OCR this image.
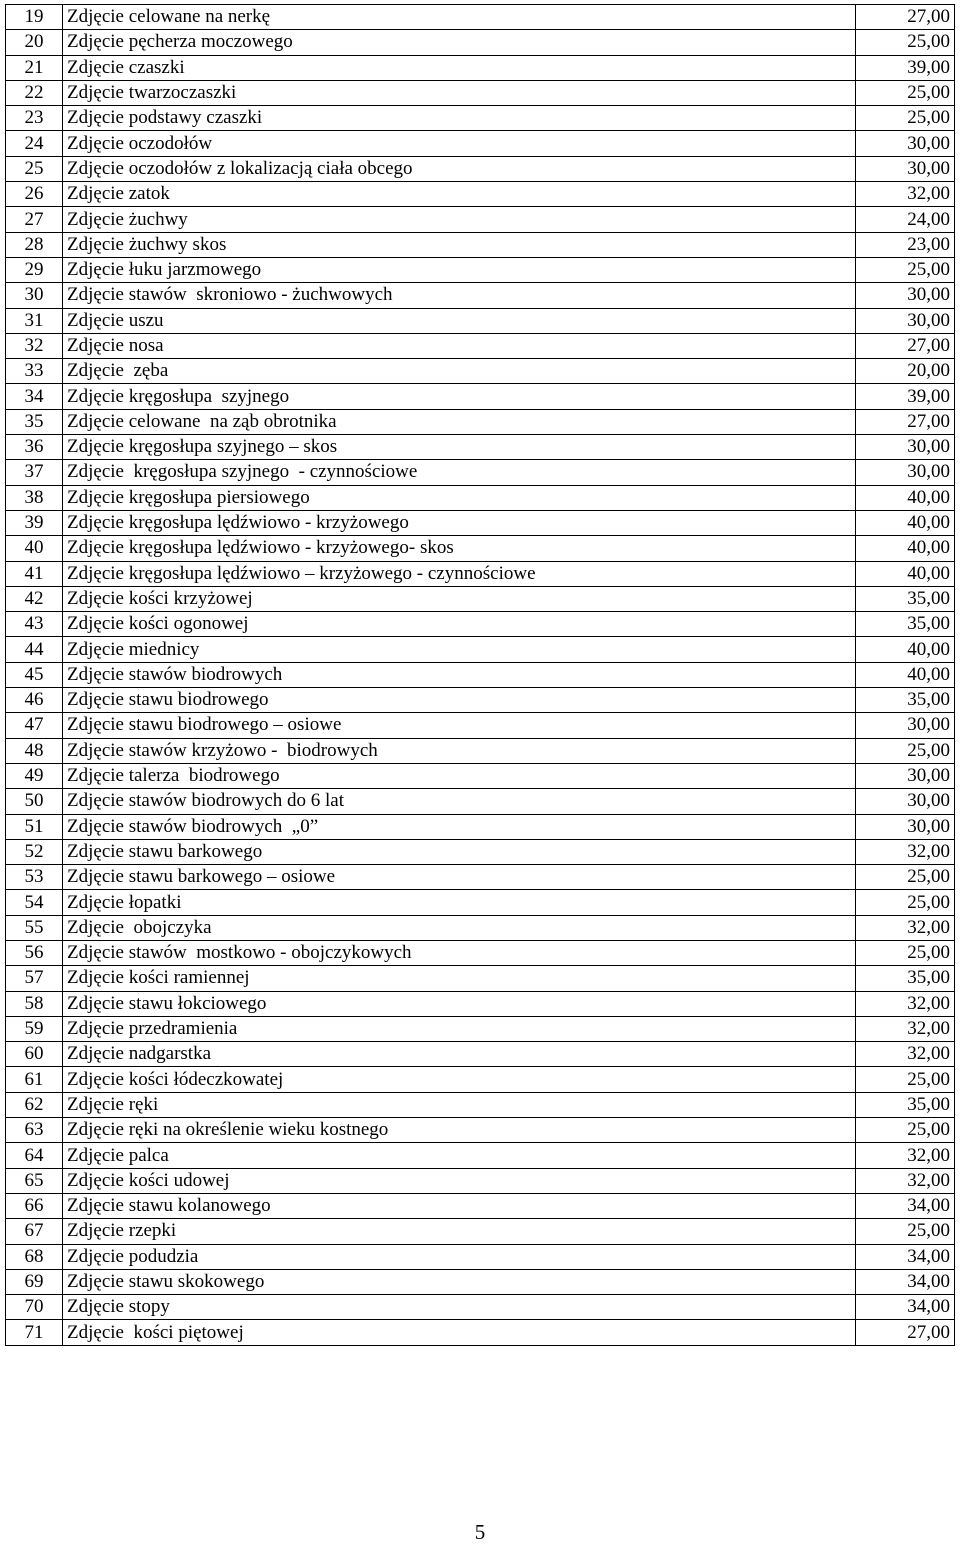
19	Zdjęcie celowane na nerkę	27,00
20	Zdjęcie pęcherza moczowego	25,00
21	Zdjęcie czaszki	39,00
22	Zdjęcie twarzoczaszki	25,00
23	Zdjęcie podstawy czaszki	25,00
24	Zdjęcie oczodołów	30,00
25	Zdjęcie oczodołów z lokalizacją ciała obcego	30,00
26	Zdjęcie zatok	32,00
27	Zdjęcie żuchwy	24,00
28	Zdjęcie żuchwy skos	23,00
29	Zdjęcie łuku jarzmowego	25,00
30	Zdjęcie stawów  skroniowo - żuchwowych	30,00
31	Zdjęcie uszu	30,00
32	Zdjęcie nosa	27,00
33	Zdjęcie  zęba	20,00
34	Zdjęcie kręgosłupa  szyjnego	39,00
35	Zdjęcie celowane  na ząb obrotnika	27,00
36	Zdjęcie kręgosłupa szyjnego – skos	30,00
37	Zdjęcie  kręgosłupa szyjnego  - czynnościowe	30,00
38	Zdjęcie kręgosłupa piersiowego	40,00
39	Zdjęcie kręgosłupa lędźwiowo - krzyżowego	40,00
40	Zdjęcie kręgosłupa lędźwiowo - krzyżowego- skos	40,00
41	Zdjęcie kręgosłupa lędźwiowo – krzyżowego - czynnościowe	40,00
42	Zdjęcie kości krzyżowej	35,00
43	Zdjęcie kości ogonowej	35,00
44	Zdjęcie miednicy	40,00
45	Zdjęcie stawów biodrowych	40,00
46	Zdjęcie stawu biodrowego	35,00
47	Zdjęcie stawu biodrowego – osiowe	30,00
48	Zdjęcie stawów krzyżowo -  biodrowych	25,00
49	Zdjęcie talerza  biodrowego	30,00
50	Zdjęcie stawów biodrowych do 6 lat	30,00
51	Zdjęcie stawów biodrowych  „0”	30,00
52	Zdjęcie stawu barkowego	32,00
53	Zdjęcie stawu barkowego – osiowe	25,00
54	Zdjęcie łopatki	25,00
55	Zdjęcie  obojczyka	32,00
56	Zdjęcie stawów  mostkowo - obojczykowych	25,00
57	Zdjęcie kości ramiennej	35,00
58	Zdjęcie stawu łokciowego	32,00
59	Zdjęcie przedramienia	32,00
60	Zdjęcie nadgarstka	32,00
61	Zdjęcie kości łódeczkowatej	25,00
62	Zdjęcie ręki	35,00
63	Zdjęcie ręki na określenie wieku kostnego	25,00
64	Zdjęcie palca	32,00
65	Zdjęcie kości udowej	32,00
66	Zdjęcie stawu kolanowego	34,00
67	Zdjęcie rzepki	25,00
68	Zdjęcie podudzia	34,00
69	Zdjęcie stawu skokowego	34,00
70	Zdjęcie stopy	34,00
71	Zdjęcie  kości piętowej	27,00
5
